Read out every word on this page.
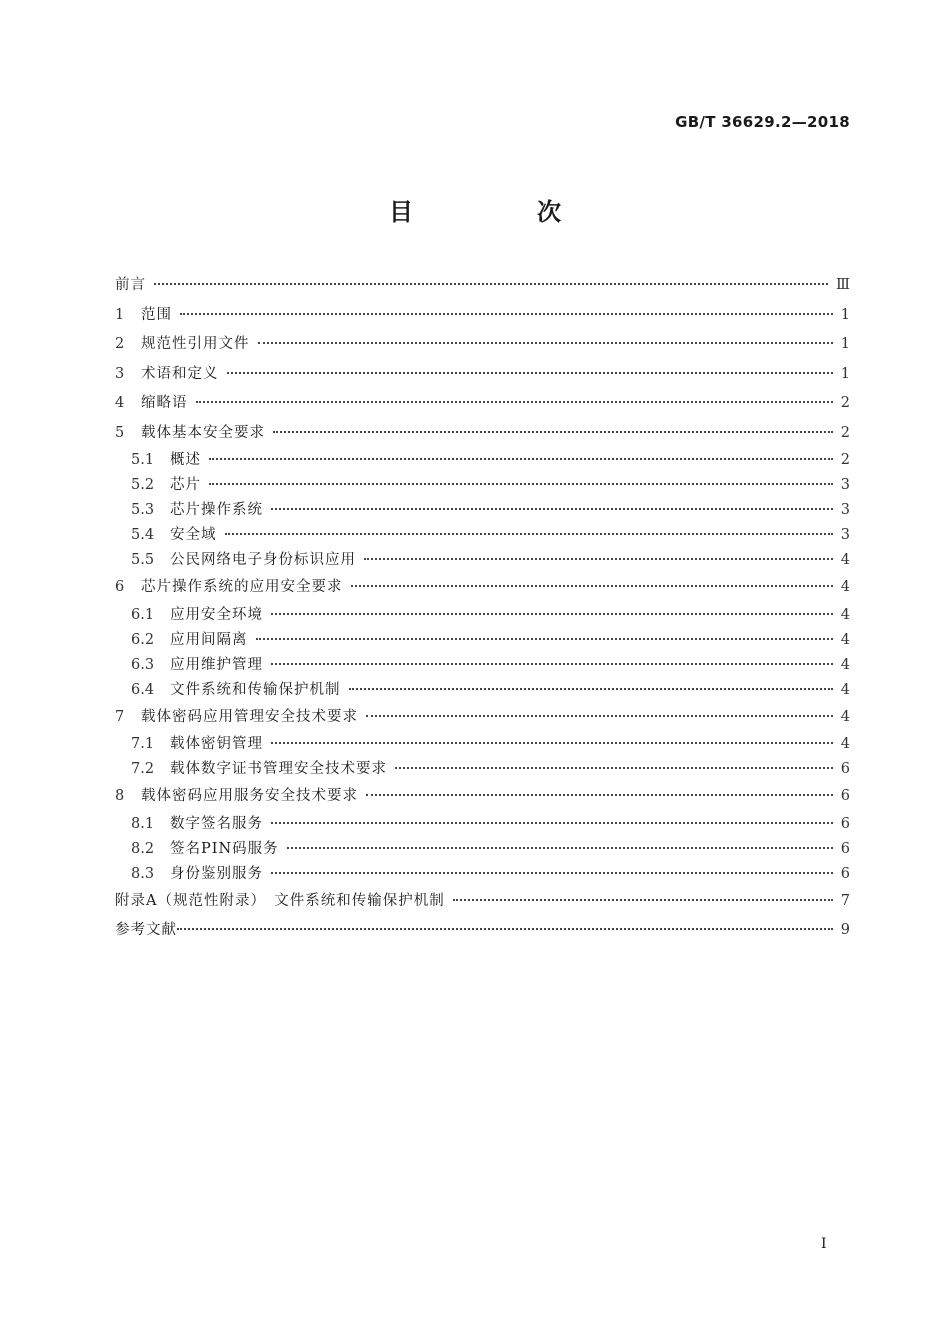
GB/T 36629.2—2018
目　次
前言	Ⅲ
1	范围	1
2	规范性引用文件	1
3	术语和定义	1
4	缩略语	2
5	载体基本安全要求	2
5.1	概述	2
5.2	芯片	3
5.3	芯片操作系统	3
5.4	安全域	3
5.5	公民网络电子身份标识应用	4
6	芯片操作系统的应用安全要求	4
6.1	应用安全环境	4
6.2	应用间隔离	4
6.3	应用维护管理	4
6.4	文件系统和传输保护机制	4
7	载体密码应用管理安全技术要求	4
7.1	载体密钥管理	4
7.2	载体数字证书管理安全技术要求	6
8	载体密码应用服务安全技术要求	6
8.1	数字签名服务	6
8.2	签名PIN码服务	6
8.3	身份鉴别服务	6
附录A（规范性附录）　文件系统和传输保护机制	7
参考文献	9
Ⅰ
